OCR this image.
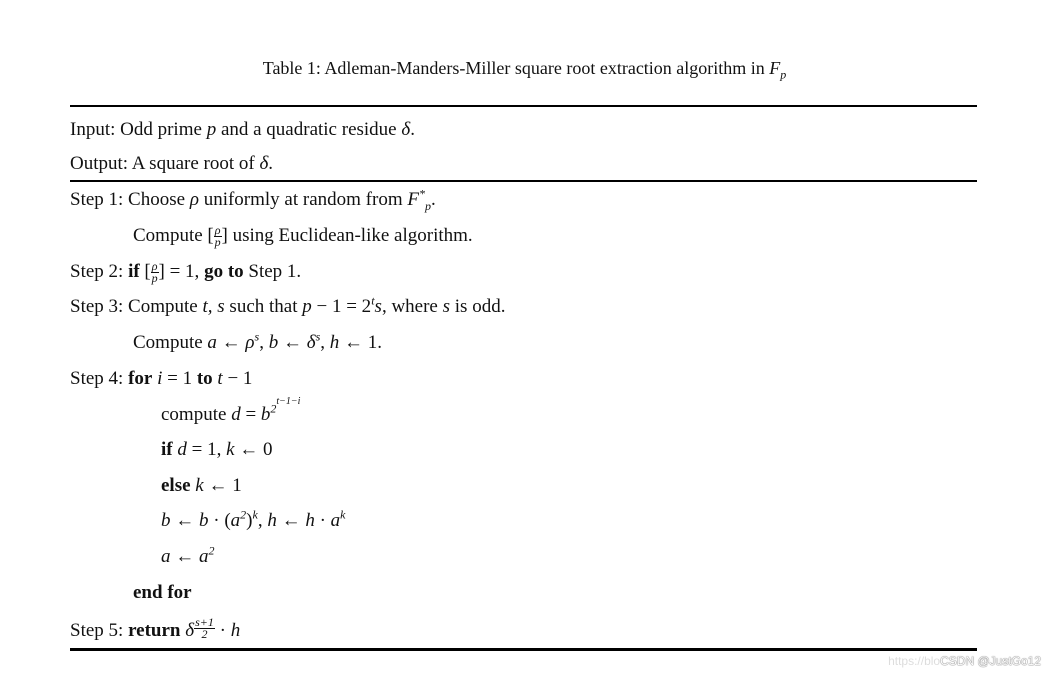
Table 1: Adleman-Manders-Miller square root extraction algorithm in $F_p$
Input: Odd prime p and a quadratic residue δ.
Output: A square root of δ.
Step 1: Choose ρ uniformly at random from $F^*_p$.
Compute [ $\frac{\rho}{p}$ ] using Euclidean-like algorithm.
Step 2: if [ $\frac{\rho}{p}$ ] = 1, go to Step 1.
Step 3: Compute t, s such that $p - 1 = 2^ts$, where s is odd.
Compute a ← $\rho^s$, b ← $\delta^s$, h ← 1.
Step 4: for i = 1 to t − 1
compute $d = b^{2t-1-i}$
if d = 1, k ← 0
else k ← 1
b ← $b \cdot (a^2)^k$, h ← $h \cdot a^k$
a ← $a^2$
end for
Step 5: return δ $\frac{s+1}{2} \cdot h$
https://bloCSDN @JustGo12
